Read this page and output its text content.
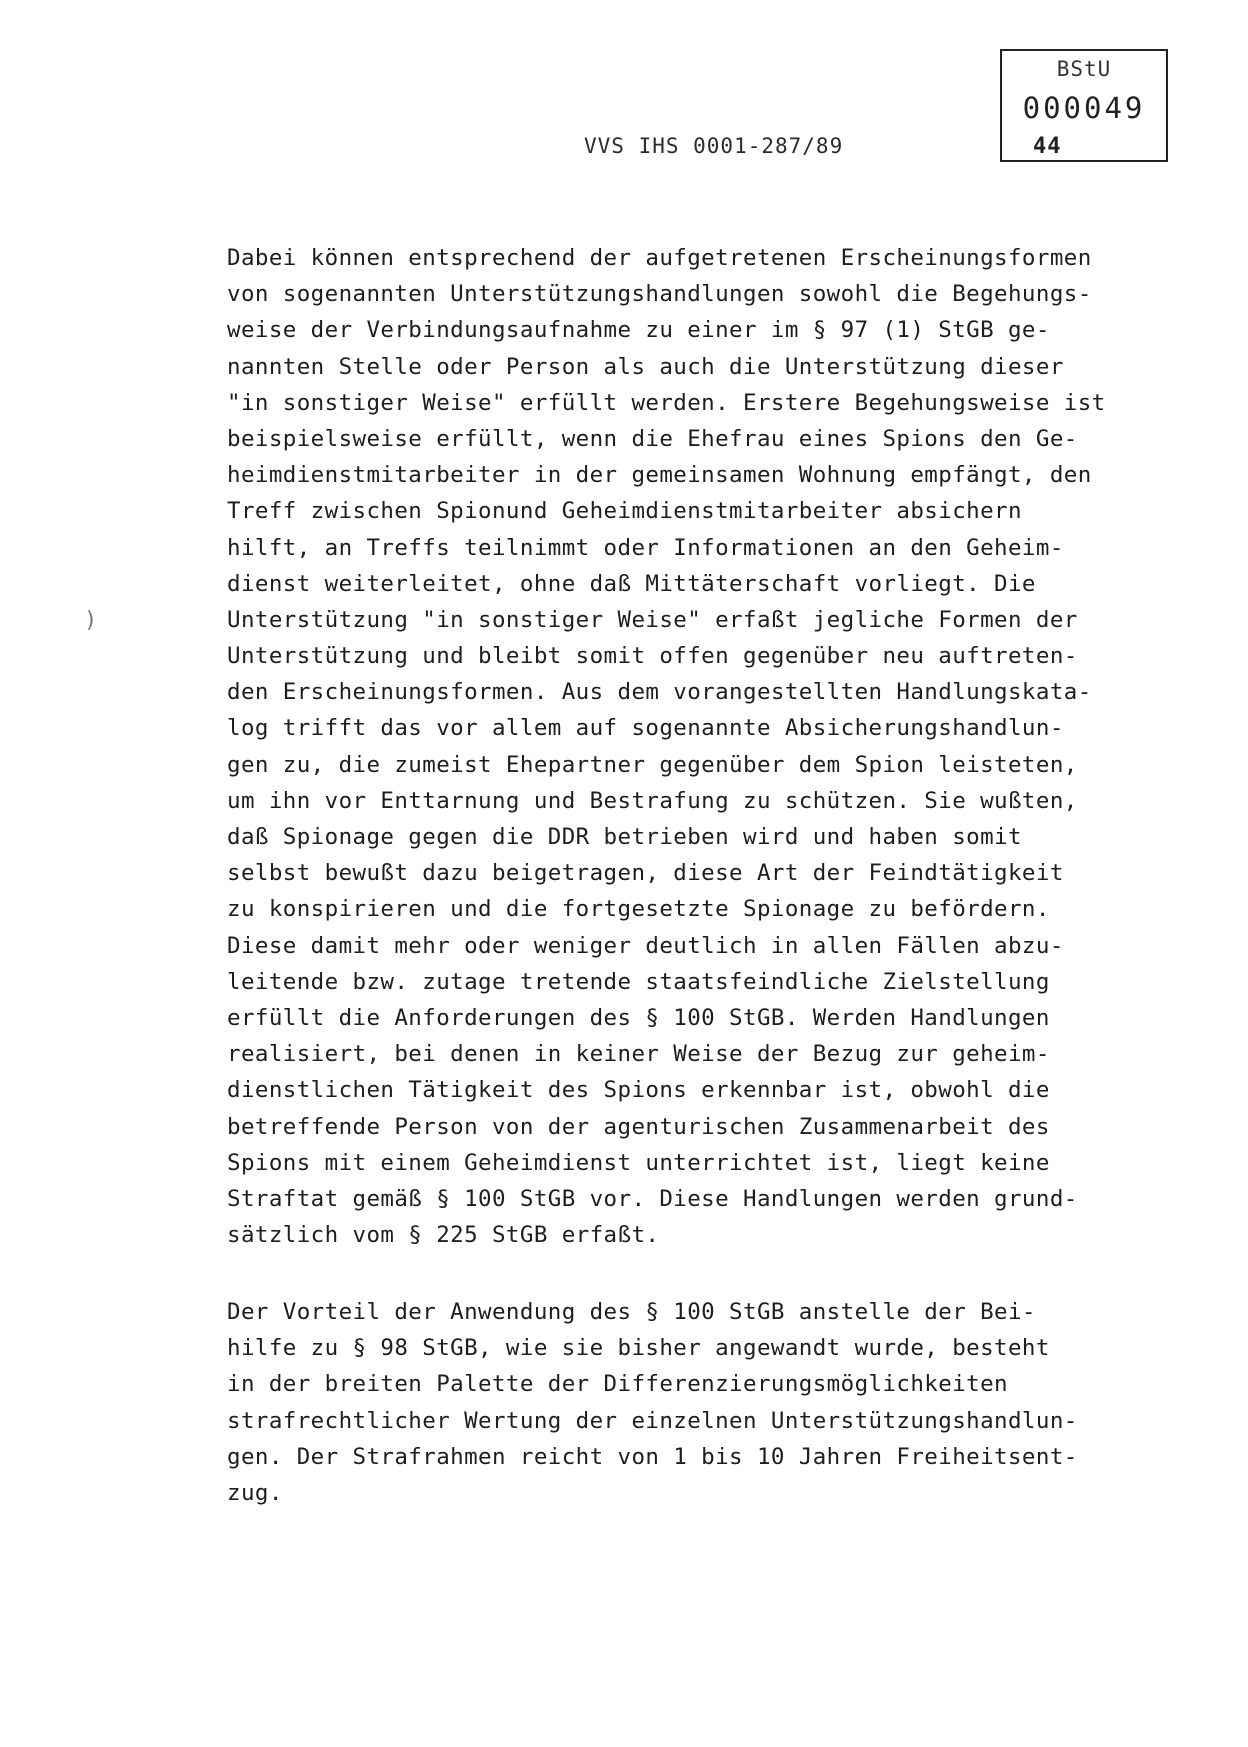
BStU
000049
44
VVS IHS 0001-287/89
)
Dabei können entsprechend der aufgetretenen Erscheinungsformen
von sogenannten Unterstützungshandlungen sowohl die Begehungs-
weise der Verbindungsaufnahme zu einer im § 97 (1) StGB ge-
nannten Stelle oder Person als auch die Unterstützung dieser
"in sonstiger Weise" erfüllt werden. Erstere Begehungsweise ist
beispielsweise erfüllt, wenn die Ehefrau eines Spions den Ge-
heimdienstmitarbeiter in der gemeinsamen Wohnung empfängt, den
Treff zwischen Spionund Geheimdienstmitarbeiter absichern
hilft, an Treffs teilnimmt oder Informationen an den Geheim-
dienst weiterleitet, ohne daß Mittäterschaft vorliegt. Die
Unterstützung "in sonstiger Weise" erfaßt jegliche Formen der
Unterstützung und bleibt somit offen gegenüber neu auftreten-
den Erscheinungsformen. Aus dem vorangestellten Handlungskata-
log trifft das vor allem auf sogenannte Absicherungshandlun-
gen zu, die zumeist Ehepartner gegenüber dem Spion leisteten,
um ihn vor Enttarnung und Bestrafung zu schützen. Sie wußten,
daß Spionage gegen die DDR betrieben wird und haben somit
selbst bewußt dazu beigetragen, diese Art der Feindtätigkeit
zu konspirieren und die fortgesetzte Spionage zu befördern.
Diese damit mehr oder weniger deutlich in allen Fällen abzu-
leitende bzw. zutage tretende staatsfeindliche Zielstellung
erfüllt die Anforderungen des § 100 StGB. Werden Handlungen
realisiert, bei denen in keiner Weise der Bezug zur geheim-
dienstlichen Tätigkeit des Spions erkennbar ist, obwohl die
betreffende Person von der agenturischen Zusammenarbeit des
Spions mit einem Geheimdienst unterrichtet ist, liegt keine
Straftat gemäß § 100 StGB vor. Diese Handlungen werden grund-
sätzlich vom § 225 StGB erfaßt.
Der Vorteil der Anwendung des § 100 StGB anstelle der Bei-
hilfe zu § 98 StGB, wie sie bisher angewandt wurde, besteht
in der breiten Palette der Differenzierungsmöglichkeiten
strafrechtlicher Wertung der einzelnen Unterstützungshandlun-
gen. Der Strafrahmen reicht von 1 bis 10 Jahren Freiheitsent-
zug.
